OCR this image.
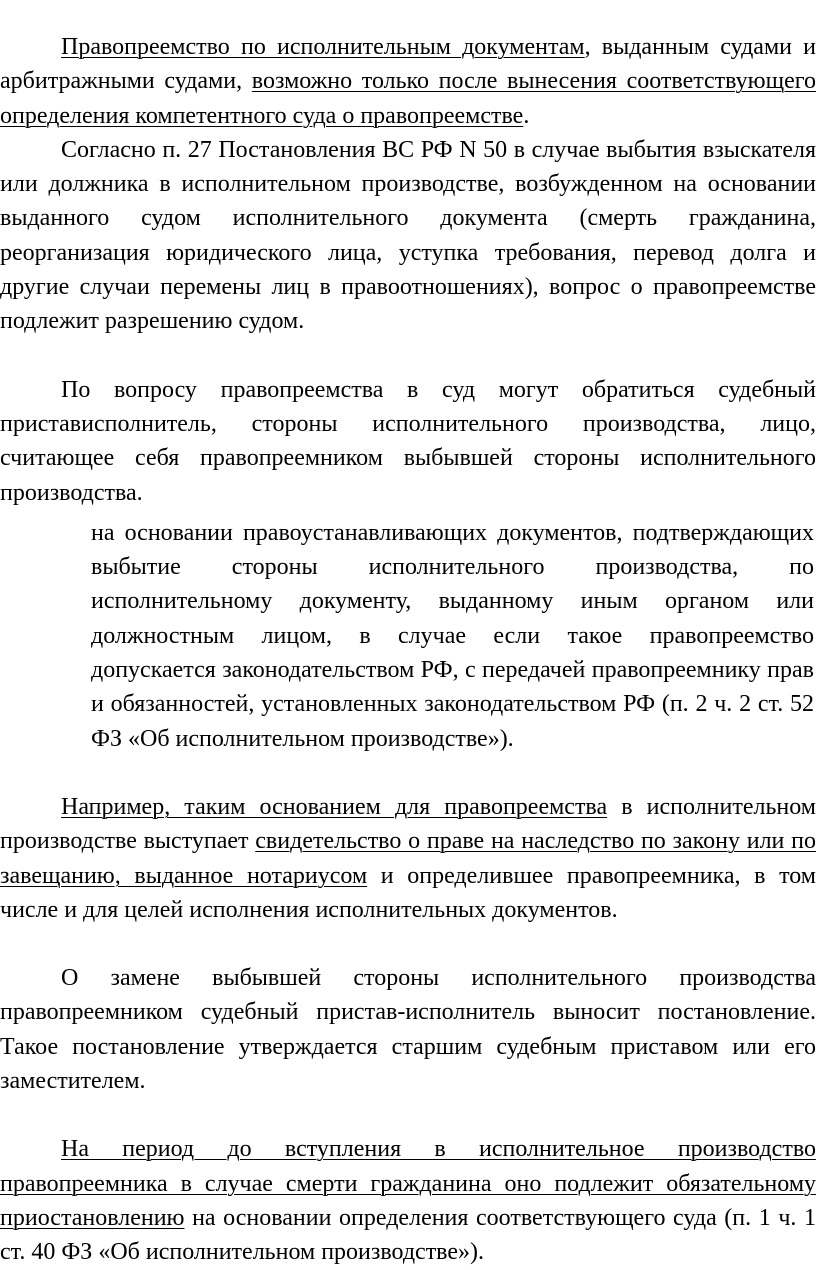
Правопреемство по исполнительным документам, выданным судами и арбитражными судами, возможно только после вынесения соответствующего определения компетентного суда о правопреемстве.

Согласно п. 27 Постановления ВС РФ N 50 в случае выбытия взыскателя или должника в исполнительном производстве, возбужденном на основании выданного судом исполнительного документа (смерть гражданина, реорганизация юридического лица, уступка требования, перевод долга и другие случаи перемены лиц в правоотношениях), вопрос о правопреемстве подлежит разрешению судом.

По вопросу правопреемства в суд могут обратиться судебный пристависполнитель, стороны исполнительного производства, лицо, считающее себя правопреемником выбывшей стороны исполнительного производства.

на основании правоустанавливающих документов, подтверждающих выбытие стороны исполнительного производства, по исполнительному документу, выданному иным органом или должностным лицом, в случае если такое правопреемство допускается законодательством РФ, с передачей правопреемнику прав и обязанностей, установленных законодательством РФ (п. 2 ч. 2 ст. 52 ФЗ «Об исполнительном производстве»).

Например, таким основанием для правопреемства в исполнительном производстве выступает свидетельство о праве на наследство по закону или по завещанию, выданное нотариусом и определившее правопреемника, в том числе и для целей исполнения исполнительных документов.

О замене выбывшей стороны исполнительного производства правопреемником судебный пристав-исполнитель выносит постановление. Такое постановление утверждается старшим судебным приставом или его заместителем.

На период до вступления в исполнительное производство правопреемника в случае смерти гражданина оно подлежит обязательному приостановлению на основании определения соответствующего суда (п. 1 ч. 1 ст. 40 ФЗ «Об исполнительном производстве»).
